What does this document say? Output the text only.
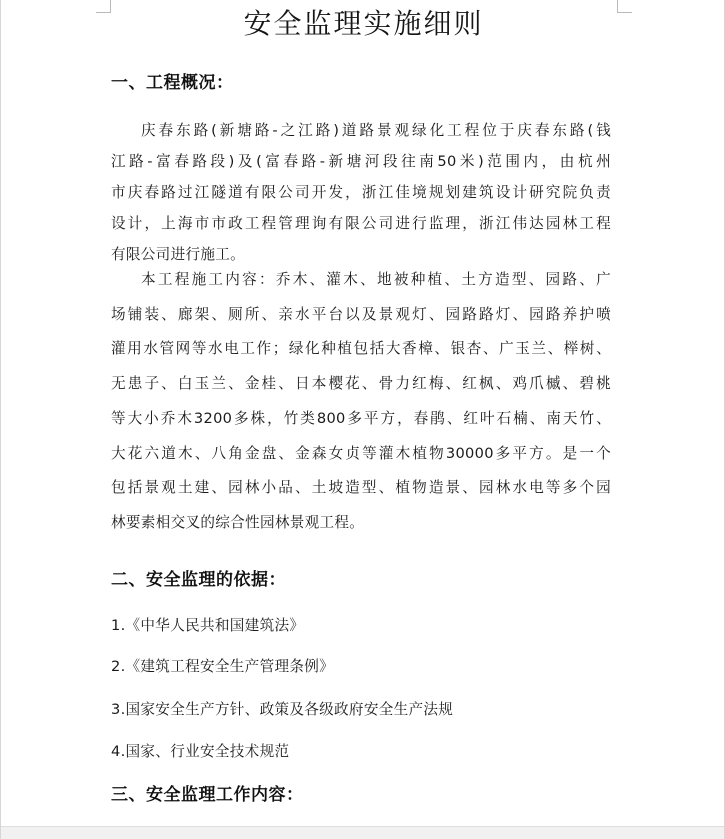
安全监理实施细则
一、工程概况：
庆春东路(新塘路-之江路)道路景观绿化工程位于庆春东路(钱
江路-富春路段)及(富春路-新塘河段往南50米)范围内，由杭州
市庆春路过江隧道有限公司开发，浙江佳境规划建筑设计研究院负责
设计，上海市市政工程管理询有限公司进行监理，浙江伟达园林工程
有限公司进行施工。
本工程施工内容：乔木、灌木、地被种植、土方造型、园路、广
场铺装、廊架、厕所、亲水平台以及景观灯、园路路灯、园路养护喷
灌用水管网等水电工作；绿化种植包括大香樟、银杏、广玉兰、榉树、
无患子、白玉兰、金桂、日本樱花、骨力红梅、红枫、鸡爪槭、碧桃
等大小乔木3200多株，竹类800多平方，春鹃、红叶石楠、南天竹、
大花六道木、八角金盘、金森女贞等灌木植物30000多平方。是一个
包括景观土建、园林小品、土坡造型、植物造景、园林水电等多个园
林要素相交叉的综合性园林景观工程。
二、安全监理的依据：
1.《中华人民共和国建筑法》
2.《建筑工程安全生产管理条例》
3.国家安全生产方针、政策及各级政府安全生产法规
4.国家、行业安全技术规范
三、安全监理工作内容：
